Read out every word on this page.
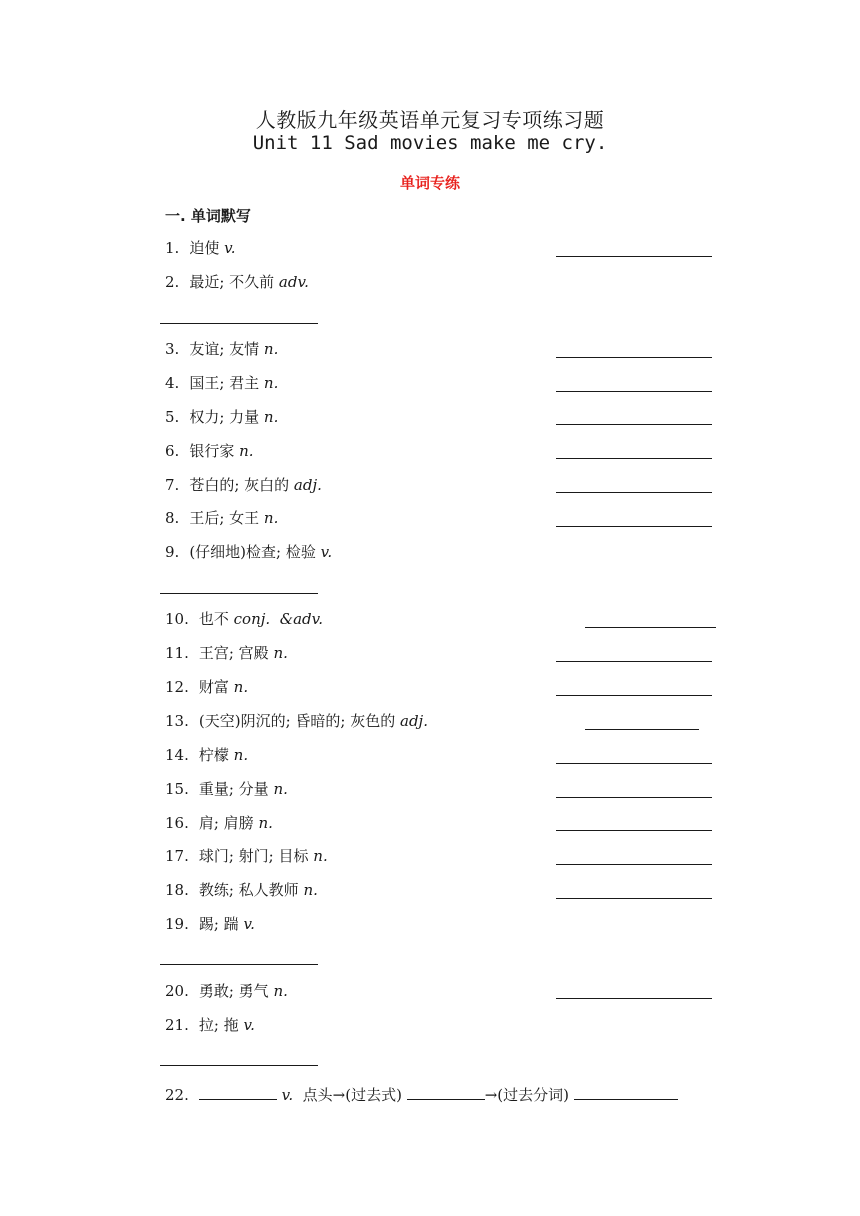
人教版九年级英语单元复习专项练习题
Unit 11 Sad movies make me cry.
单词专练
一. 单词默写
1. 迫使 v.
2. 最近; 不久前 adv.
3. 友谊; 友情 n.
4. 国王; 君主 n.
5. 权力; 力量 n.
6. 银行家 n.
7. 苍白的; 灰白的 adj.
8. 王后; 女王 n.
9. (仔细地)检查; 检验 v.
10. 也不 conj. &adv.
11. 王宫; 宫殿 n.
12. 财富 n.
13. (天空)阴沉的; 昏暗的; 灰色的 adj.
14. 柠檬 n.
15. 重量; 分量 n.
16. 肩; 肩膀 n.
17. 球门; 射门; 目标 n.
18. 教练; 私人教师 n.
19. 踢; 踹 v.
20. 勇敢; 勇气 n.
21. 拉; 拖 v.
22.	v. 点头→(过去式)	→(过去分词)
